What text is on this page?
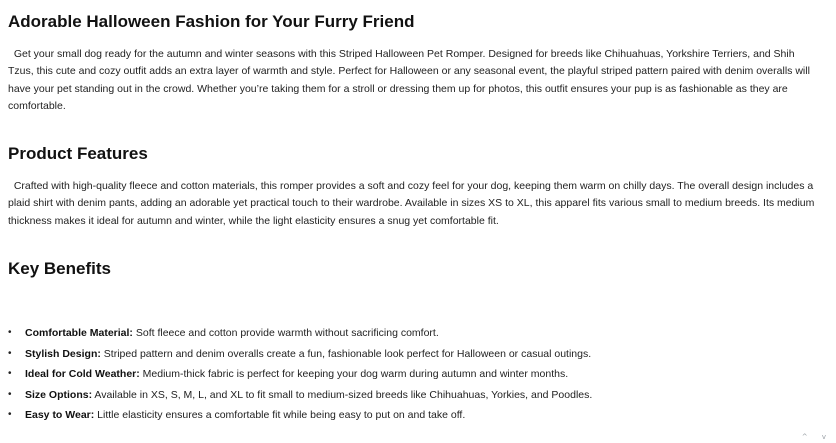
Adorable Halloween Fashion for Your Furry Friend

Get your small dog ready for the autumn and winter seasons with this Striped Halloween Pet Romper. Designed for breeds like Chihuahuas, Yorkshire Terriers, and Shih Tzus, this cute and cozy outfit adds an extra layer of warmth and style. Perfect for Halloween or any seasonal event, the playful striped pattern paired with denim overalls will have your pet standing out in the crowd. Whether you’re taking them for a stroll or dressing them up for photos, this outfit ensures your pup is as fashionable as they are comfortable.

Product Features

Crafted with high-quality fleece and cotton materials, this romper provides a soft and cozy feel for your dog, keeping them warm on chilly days. The overall design includes a plaid shirt with denim pants, adding an adorable yet practical touch to their wardrobe. Available in sizes XS to XL, this apparel fits various small to medium breeds. Its medium thickness makes it ideal for autumn and winter, while the light elasticity ensures a snug yet comfortable fit.

Key Benefits
• Comfortable Material: Soft fleece and cotton provide warmth without sacrificing comfort.
• Stylish Design: Striped pattern and denim overalls create a fun, fashionable look perfect for Halloween or casual outings.
• Ideal for Cold Weather: Medium-thick fabric is perfect for keeping your dog warm during autumn and winter months.
• Size Options: Available in XS, S, M, L, and XL to fit small to medium-sized breeds like Chihuahuas, Yorkies, and Poodles.
• Easy to Wear: Little elasticity ensures a comfortable fit while being easy to put on and take off.
^ v
